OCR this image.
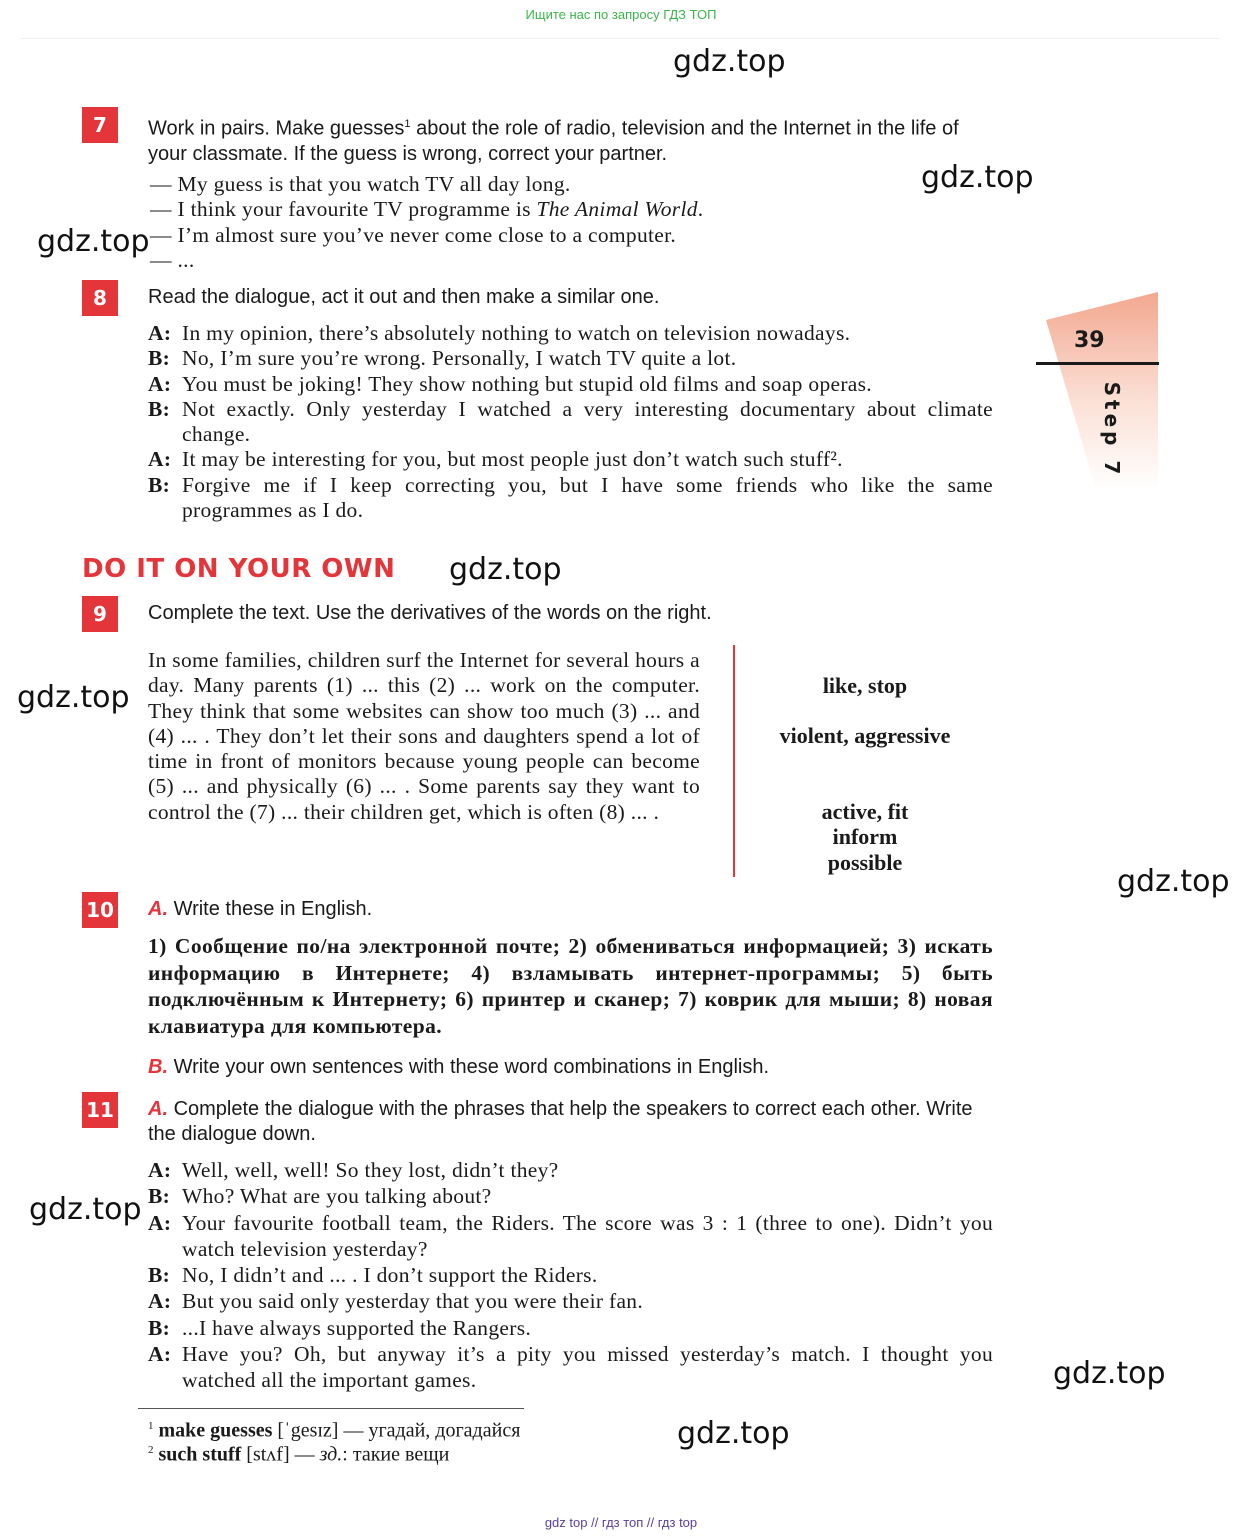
Ищите нас по запросу ГДЗ ТОП
gdz.top
gdz.top
gdz.top
gdz.top
gdz.top
gdz.top
gdz.top
gdz.top
gdz.top
39
Step 7
7	Work in pairs. Make guesses$^1$ about the role of radio, television and the Internet in the life of your classmate. If the guess is wrong, correct your partner.
— My guess is that you watch TV all day long.
— I think your favourite TV programme is The Animal World.
— I’m almost sure you’ve never come close to a computer.
— ...
8	Read the dialogue, act it out and then make a similar one.
A: In my opinion, there’s absolutely nothing to watch on television nowadays.
B: No, I’m sure you’re wrong. Personally, I watch TV quite a lot.
A: You must be joking! They show nothing but stupid old films and soap operas.
B: Not exactly. Only yesterday I watched a very interesting documentary about climate change.
A: It may be interesting for you, but most people just don’t watch such stuff².
B: Forgive me if I keep correcting you, but I have some friends who like the same programmes as I do.
DO IT ON YOUR OWN
9	Complete the text. Use the derivatives of the words on the right.
In some families, children surf the Internet for several hours a day. Many parents (1) ... this (2) ... work on the computer. They think that some websites can show too much (3) ... and (4) ... . They don’t let their sons and daughters spend a lot of time in front of monitors because young people can become (5) ... and physically (6) ... . Some parents say they want to control the (7) ... their children get, which is often (8) ... .
like, stop
violent, aggressive
active, fit
inform
possible
10 A. Write these in English.
1) Сообщение по/на электронной почте; 2) обмениваться информацией; 3) искать информацию в Интернете; 4) взламывать интернет-программы; 5) быть подключённым к Интернету; 6) принтер и сканер; 7) коврик для мыши; 8) новая клавиатура для компьютера.
B. Write your own sentences with these word combinations in English.
11 A. Complete the dialogue with the phrases that help the speakers to correct each other. Write the dialogue down.
A: Well, well, well! So they lost, didn’t they?
B: Who? What are you talking about?
A: Your favourite football team, the Riders. The score was 3 : 1 (three to one). Didn’t you watch television yesterday?
B: No, I didn’t and ... . I don’t support the Riders.
A: But you said only yesterday that you were their fan.
B: ...I have always supported the Rangers.
A: Have you? Oh, but anyway it’s a pity you missed yesterday’s match. I thought you watched all the important games.
$^1$ make guesses [ˈgesɪz] — угадай, догадайся
$^2$ such stuff [stʌf] — зд.: такие вещи
gdz top // гдз топ // гдз top
